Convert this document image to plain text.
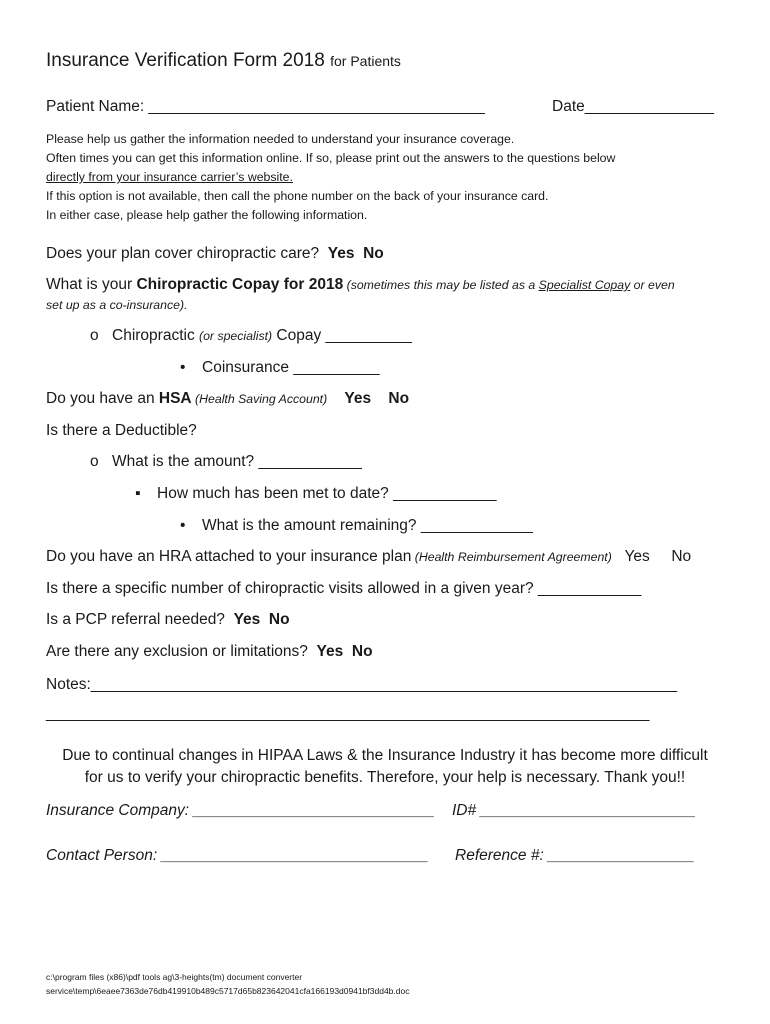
Insurance Verification Form 2018 for Patients
Patient Name: _______________________________________	Date_______________
Please help us gather the information needed to understand your insurance coverage.
Often times you can get this information online. If so, please print out the answers to the questions below
directly from your insurance carrier’s website.
If this option is not available, then call the phone number on the back of your insurance card.
In either case, please help gather the following information.
Does your plan cover chiropractic care? Yes No
What is your Chiropractic Copay for 2018 (sometimes this may be listed as a Specialist Copay or even
set up as a co-insurance).
o Chiropractic (or specialist) Copay __________
• Coinsurance __________
Do you have an HSA (Health Saving Account) Yes No
Is there a Deductible?
o What is the amount? ____________
▪ How much has been met to date? ____________
• What is the amount remaining? _____________
Do you have an HRA attached to your insurance plan (Health Reimbursement Agreement) Yes No
Is there a specific number of chiropractic visits allowed in a given year? ____________
Is a PCP referral needed? Yes No
Are there any exclusion or limitations? Yes No
Notes:____________________________________________________________________
______________________________________________________________________
Due to continual changes in HIPAA Laws & the Insurance Industry it has become more difficult
for us to verify your chiropractic benefits. Therefore, your help is necessary. Thank you!!
Insurance Company: ____________________________ ID# _________________________
Contact Person: _______________________________ Reference #: _________________
c:\program files (x86)\pdf tools ag\3-heights(tm) document converter
service\temp\6eaee7363de76db419910b489c5717d65b823642041cfa166193d0941bf3dd4b.doc
